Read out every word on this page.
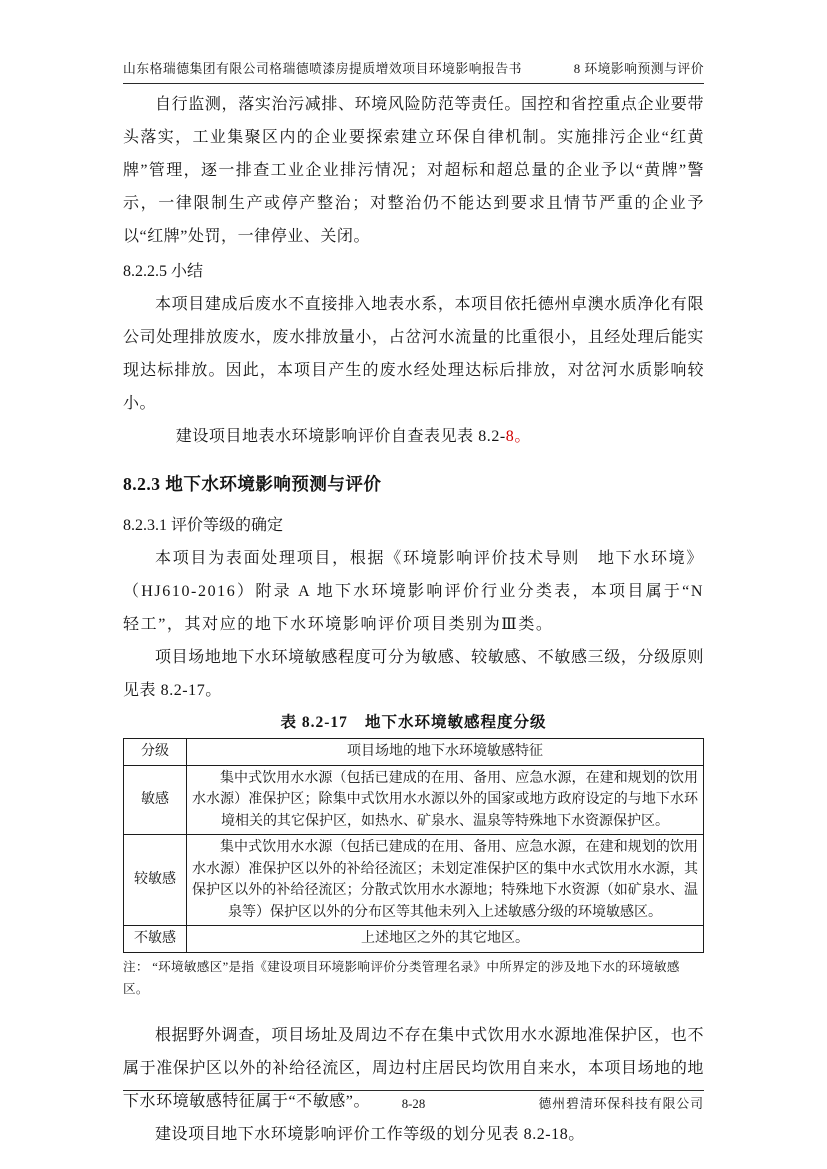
山东格瑞德集团有限公司格瑞德喷漆房提质增效项目环境影响报告书	8 环境影响预测与评价

自行监测，落实治污减排、环境风险防范等责任。国控和省控重点企业要带头落实，工业集聚区内的企业要探索建立环保自律机制。实施排污企业“红黄牌”管理，逐一排查工业企业排污情况；对超标和超总量的企业予以“黄牌”警示，一律限制生产或停产整治；对整治仍不能达到要求且情节严重的企业予以“红牌”处罚，一律停业、关闭。

8.2.2.5 小结

本项目建成后废水不直接排入地表水系，本项目依托德州卓澳水质净化有限公司处理排放废水，废水排放量小，占岔河水流量的比重很小，且经处理后能实现达标排放。因此，本项目产生的废水经处理达标后排放，对岔河水质影响较小。

建设项目地表水环境影响评价自查表见表 8.2-8。

8.2.3 地下水环境影响预测与评价

8.2.3.1 评价等级的确定

本项目为表面处理项目，根据《环境影响评价技术导则　地下水环境》（HJ610-2016）附录 A 地下水环境影响评价行业分类表，本项目属于“N 轻工”，其对应的地下水环境影响评价项目类别为Ⅲ类。

项目场地地下水环境敏感程度可分为敏感、较敏感、不敏感三级，分级原则见表 8.2-17。

表 8.2-17 地下水环境敏感程度分级

分级	项目场地的地下水环境敏感特征
敏感	集中式饮用水水源（包括已建成的在用、备用、应急水源，在建和规划的饮用水水源）准保护区；除集中式饮用水水源以外的国家或地方政府设定的与地下水环境相关的其它保护区，如热水、矿泉水、温泉等特殊地下水资源保护区。
较敏感	集中式饮用水水源（包括已建成的在用、备用、应急水源，在建和规划的饮用水水源）准保护区以外的补给径流区；未划定准保护区的集中水式饮用水水源，其保护区以外的补给径流区；分散式饮用水水源地；特殊地下水资源（如矿泉水、温泉等）保护区以外的分布区等其他未列入上述敏感分级的环境敏感区。
不敏感	上述地区之外的其它地区。

注： “环境敏感区”是指《建设项目环境影响评价分类管理名录》中所界定的涉及地下水的环境敏感区。

根据野外调查，项目场址及周边不存在集中式饮用水水源地准保护区，也不属于准保护区以外的补给径流区，周边村庄居民均饮用自来水，本项目场地的地下水环境敏感特征属于“不敏感”。

建设项目地下水环境影响评价工作等级的划分见表 8.2-18。

8-28	德州碧清环保科技有限公司
